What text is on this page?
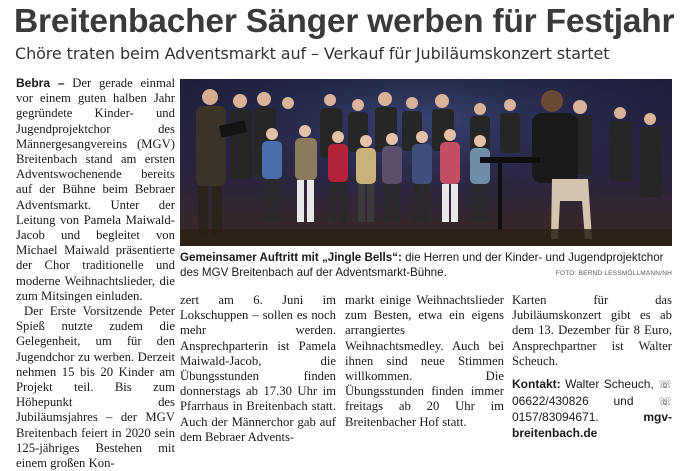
Breitenbacher Sänger werben für Festjahr
Chöre traten beim Adventsmarkt auf – Verkauf für Jubiläumskonzert startet

Bebra – Der gerade einmal vor einem guten halben Jahr gegründete Kinder- und Jugendprojektchor des Männergesangvereins (MGV) Breitenbach stand am ersten Adventswochenende bereits auf der Bühne beim Bebraer Adventsmarkt. Unter der Leitung von Pamela Maiwald-Jacob und begleitet von Michael Maiwald präsentierte der Chor traditionelle und moderne Weihnachtslieder, die zum Mitsingen einluden.

Der Erste Vorsitzende Peter Spieß nutzte zudem die Gelegenheit, um für den Jugendchor zu werben. Derzeit nehmen 15 bis 20 Kinder am Projekt teil. Bis zum Höhepunkt des Jubiläumsjahres – der MGV Breitenbach feiert in 2020 sein 125-jähriges Bestehen mit einem großen Kon-

Gemeinsamer Auftritt mit „Jingle Bells“: die Herren und der Kinder- und Jugendprojektchor des MGV Breitenbach auf der Adventsmarkt-Bühne.	FOTO: BERND LESSMÖLLMANN/NH

zert am 6. Juni im Lokschuppen – sollen es noch mehr werden. Ansprechparterin ist Pamela Maiwald-Jacob, die Übungsstunden finden donnerstags ab 17.30 Uhr im Pfarrhaus in Breitenbach statt. Auch der Männerchor gab auf dem Bebraer Advents-

markt einige Weihnachtslieder zum Besten, etwa ein eigens arrangiertes Weihnachtsmedley. Auch bei ihnen sind neue Stimmen willkommen. Die Übungsstunden finden immer freitags ab 20 Uhr im Breitenbacher Hof statt.

Karten für das Jubiläumskonzert gibt es ab dem 13. Dezember für 8 Euro, Ansprechpartner ist Walter Scheuch.

Kontakt: Walter Scheuch, ☏ 06622/430826 und ☏ 0157/83094671.	mgv-breitenbach.de
